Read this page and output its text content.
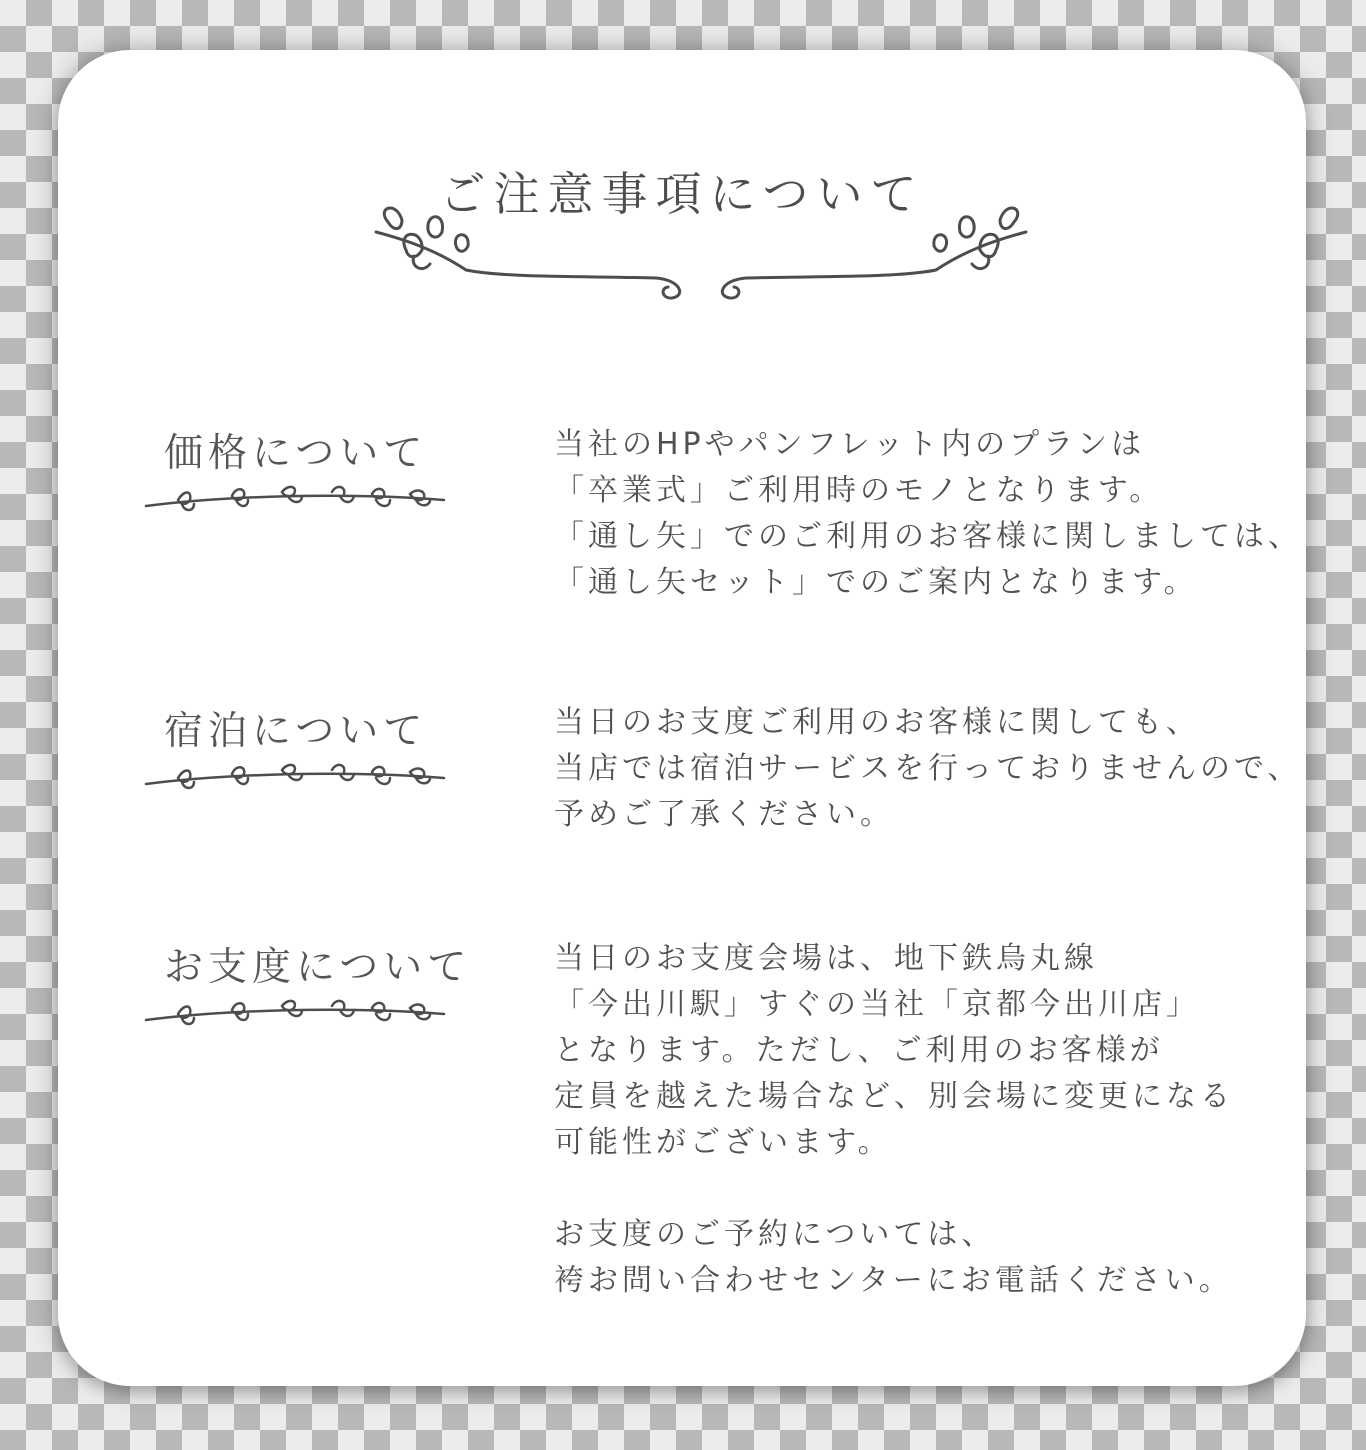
ご注意事項について
価格について	当社のHPやパンフレット内のプランは

「卒業式」ご利用時のモノとなります。

「通し矢」でのご利用のお客様に関しましては、

「通し矢セット」でのご案内となります。

宿泊について	当日のお支度ご利用のお客様に関しても、

当店では宿泊サービスを行っておりませんので、

予めご了承ください。

お支度について	当日のお支度会場は、地下鉄烏丸線

「今出川駅」すぐの当社「京都今出川店」

となります。ただし、ご利用のお客様が

定員を越えた場合など、別会場に変更になる

可能性がございます。

お支度のご予約については、

袴お問い合わせセンターにお電話ください。
